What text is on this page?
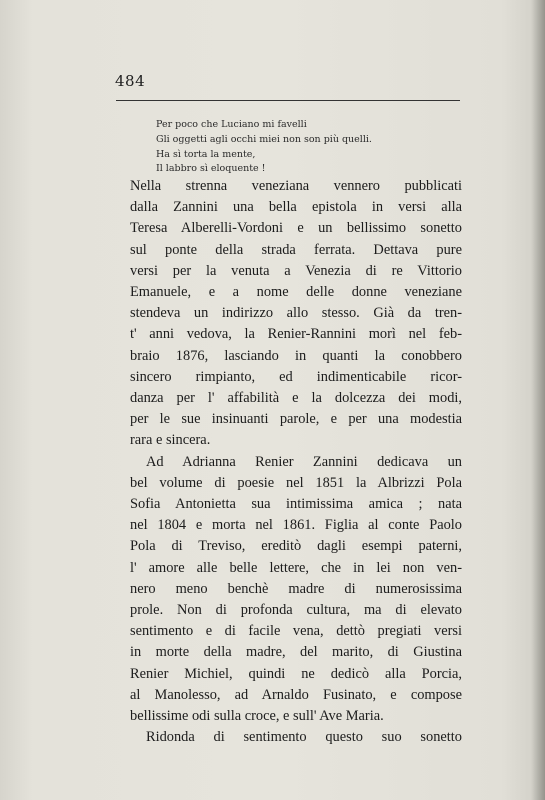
484
Per poco che Luciano mi favelli
Gli oggetti agli occhi miei non son più quelli.
Ha sì torta la mente,
Il labbro sì eloquente !
Nella strenna veneziana vennero pubblicati
dalla Zannini una bella epistola in versi alla
Teresa Alberelli-Vordoni e un bellissimo sonetto
sul ponte della strada ferrata. Dettava pure
versi per la venuta a Venezia di re Vittorio
Emanuele, e a nome delle donne veneziane
stendeva un indirizzo allo stesso. Già da tren-
t' anni vedova, la Renier-Rannini morì nel feb-
braio 1876, lasciando in quanti la conobbero
sincero rimpianto, ed indimenticabile ricor-
danza per l' affabilità e la dolcezza dei modi,
per le sue insinuanti parole, e per una modestia
rara e sincera.
Ad Adrianna Renier Zannini dedicava un
bel volume di poesie nel 1851 la Albrizzi Pola
Sofia Antonietta sua intimissima amica ; nata
nel 1804 e morta nel 1861. Figlia al conte Paolo
Pola di Treviso, ereditò dagli esempi paterni,
l' amore alle belle lettere, che in lei non ven-
nero meno benchè madre di numerosissima
prole. Non di profonda cultura, ma di elevato
sentimento e di facile vena, dettò pregiati versi
in morte della madre, del marito, di Giustina
Renier Michiel, quindi ne dedicò alla Porcia,
al Manolesso, ad Arnaldo Fusinato, e compose
bellissime odi sulla croce, e sull' Ave Maria.
Ridonda di sentimento questo suo sonetto
